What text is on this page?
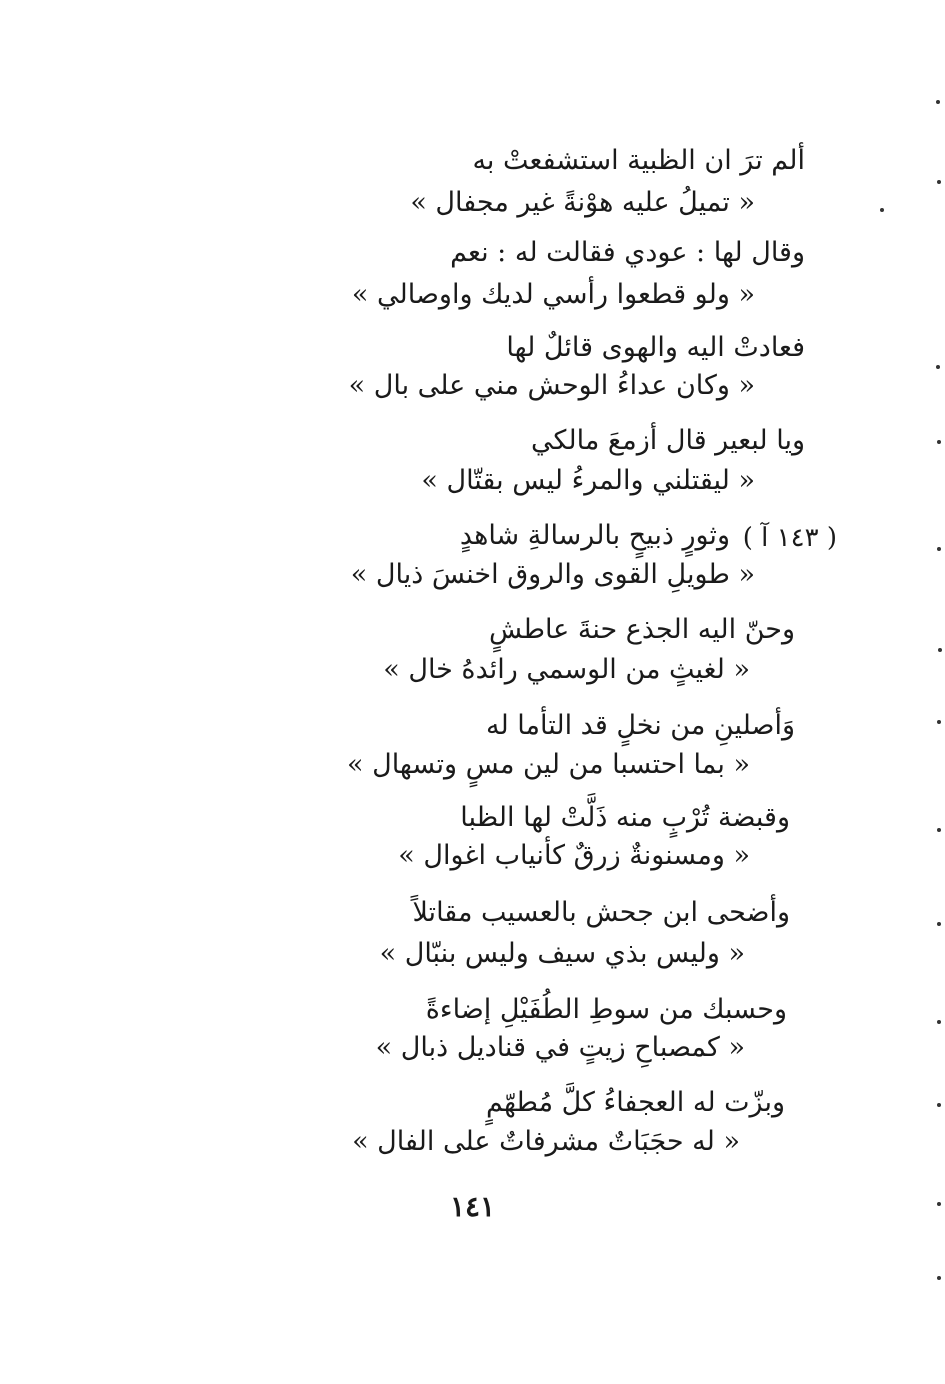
ألم ترَ ان الظبية استشفعتْ به
« تميلُ عليه هوْنةً غير مجفال »
وقال لها : عودي فقالت له : نعم
« ولو قطعوا رأسي لديك واوصالي »
فعادتْ اليه والهوى قائلٌ لها
« وكان عداءُ الوحش مني على بال »
ويا لبعير قال أزمعَ مالكي
« ليقتلني والمرءُ ليس بقتّال »
( ١٤٣ آ )
وثورٍ ذبيحٍ بالرسالةِ شاهدٍ
« طويلِ القوى والروق اخنسَ ذيال »
وحنّ اليه الجذع حنةَ عاطشٍ
« لغيثٍ من الوسمي رائدهُ خال »
وَأصلينِ من نخلٍ قد التأما له
« بما احتسبا من لين مسٍ وتسهال »
وقبضة تُرْبٍ منه ذَلَّتْ لها الظبا
« ومسنونةٌ زرقٌ كأنياب اغوال »
وأضحى ابن جحش بالعسيب مقاتلاً
« وليس بذي سيف وليس بنبّال »
وحسبك من سوطِ الطُفَيْلِ إضاءةً
« كمصباحِ زيتٍ في قناديل ذبال »
وبزّت له العجفاءُ كلَّ مُطهّمٍ
« له حجَبَاتٌ مشرفاتٌ على الفال »
١٤١
